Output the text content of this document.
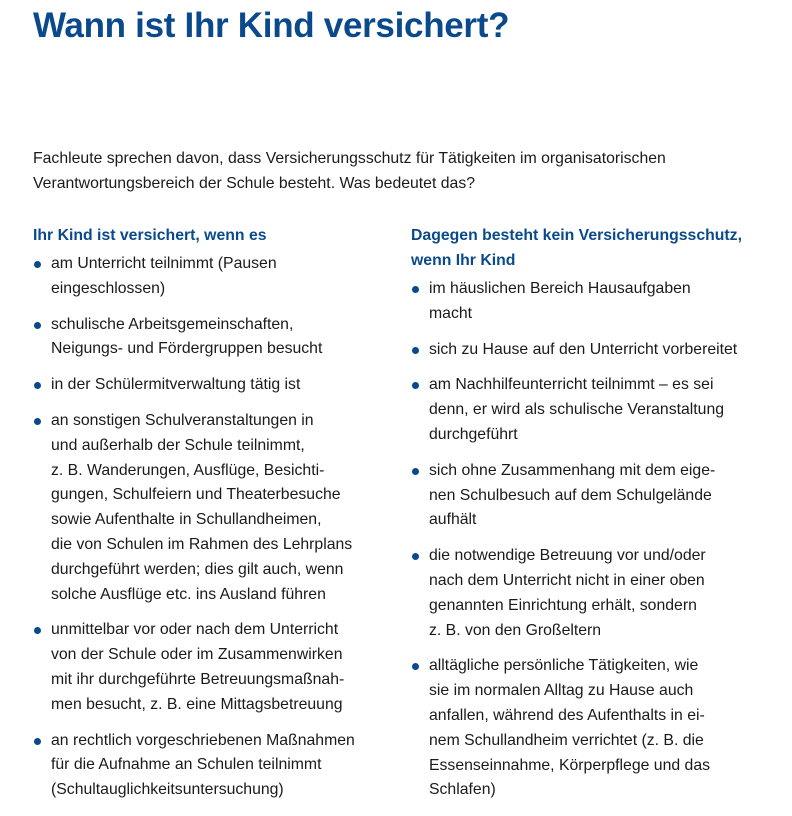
Wann ist Ihr Kind versichert?

Fachleute sprechen davon, dass Versicherungsschutz für Tätigkeiten im organisatorischen
Verantwortungsbereich der Schule besteht. Was bedeutet das?

Ihr Kind ist versichert, wenn es
am Unterricht teilnimmt (Pausen
eingeschlossen)
schulische Arbeitsgemeinschaften,
Neigungs- und Fördergruppen besucht
in der Schülermitverwaltung tätig ist
an sonstigen Schulveranstaltungen in
und außerhalb der Schule teilnimmt,
z. B. Wanderungen, Ausflüge, Besichti-
gungen, Schulfeiern und Theaterbesuche
sowie Aufenthalte in Schullandheimen,
die von Schulen im Rahmen des Lehrplans
durchgeführt werden; dies gilt auch, wenn
solche Ausflüge etc. ins Ausland führen
unmittelbar vor oder nach dem Unterricht
von der Schule oder im Zusammenwirken
mit ihr durchgeführte Betreuungsmaßnah-
men besucht, z. B. eine Mittagsbetreuung
an rechtlich vorgeschriebenen Maßnahmen
für die Aufnahme an Schulen teilnimmt
(Schultauglichkeitsuntersuchung)
Dagegen besteht kein Versicherungsschutz,
wenn Ihr Kind
im häuslichen Bereich Hausaufgaben
macht
sich zu Hause auf den Unterricht vorbereitet
am Nachhilfeunterricht teilnimmt – es sei
denn, er wird als schulische Veranstaltung
durchgeführt
sich ohne Zusammenhang mit dem eige-
nen Schulbesuch auf dem Schulgelände
aufhält
die notwendige Betreuung vor und/oder
nach dem Unterricht nicht in einer oben
genannten Einrichtung erhält, sondern
z. B. von den Großeltern
alltägliche persönliche Tätigkeiten, wie
sie im normalen Alltag zu Hause auch
anfallen, während des Aufenthalts in ei-
nem Schullandheim verrichtet (z. B. die
Essenseinnahme, Körperpflege und das
Schlafen)
